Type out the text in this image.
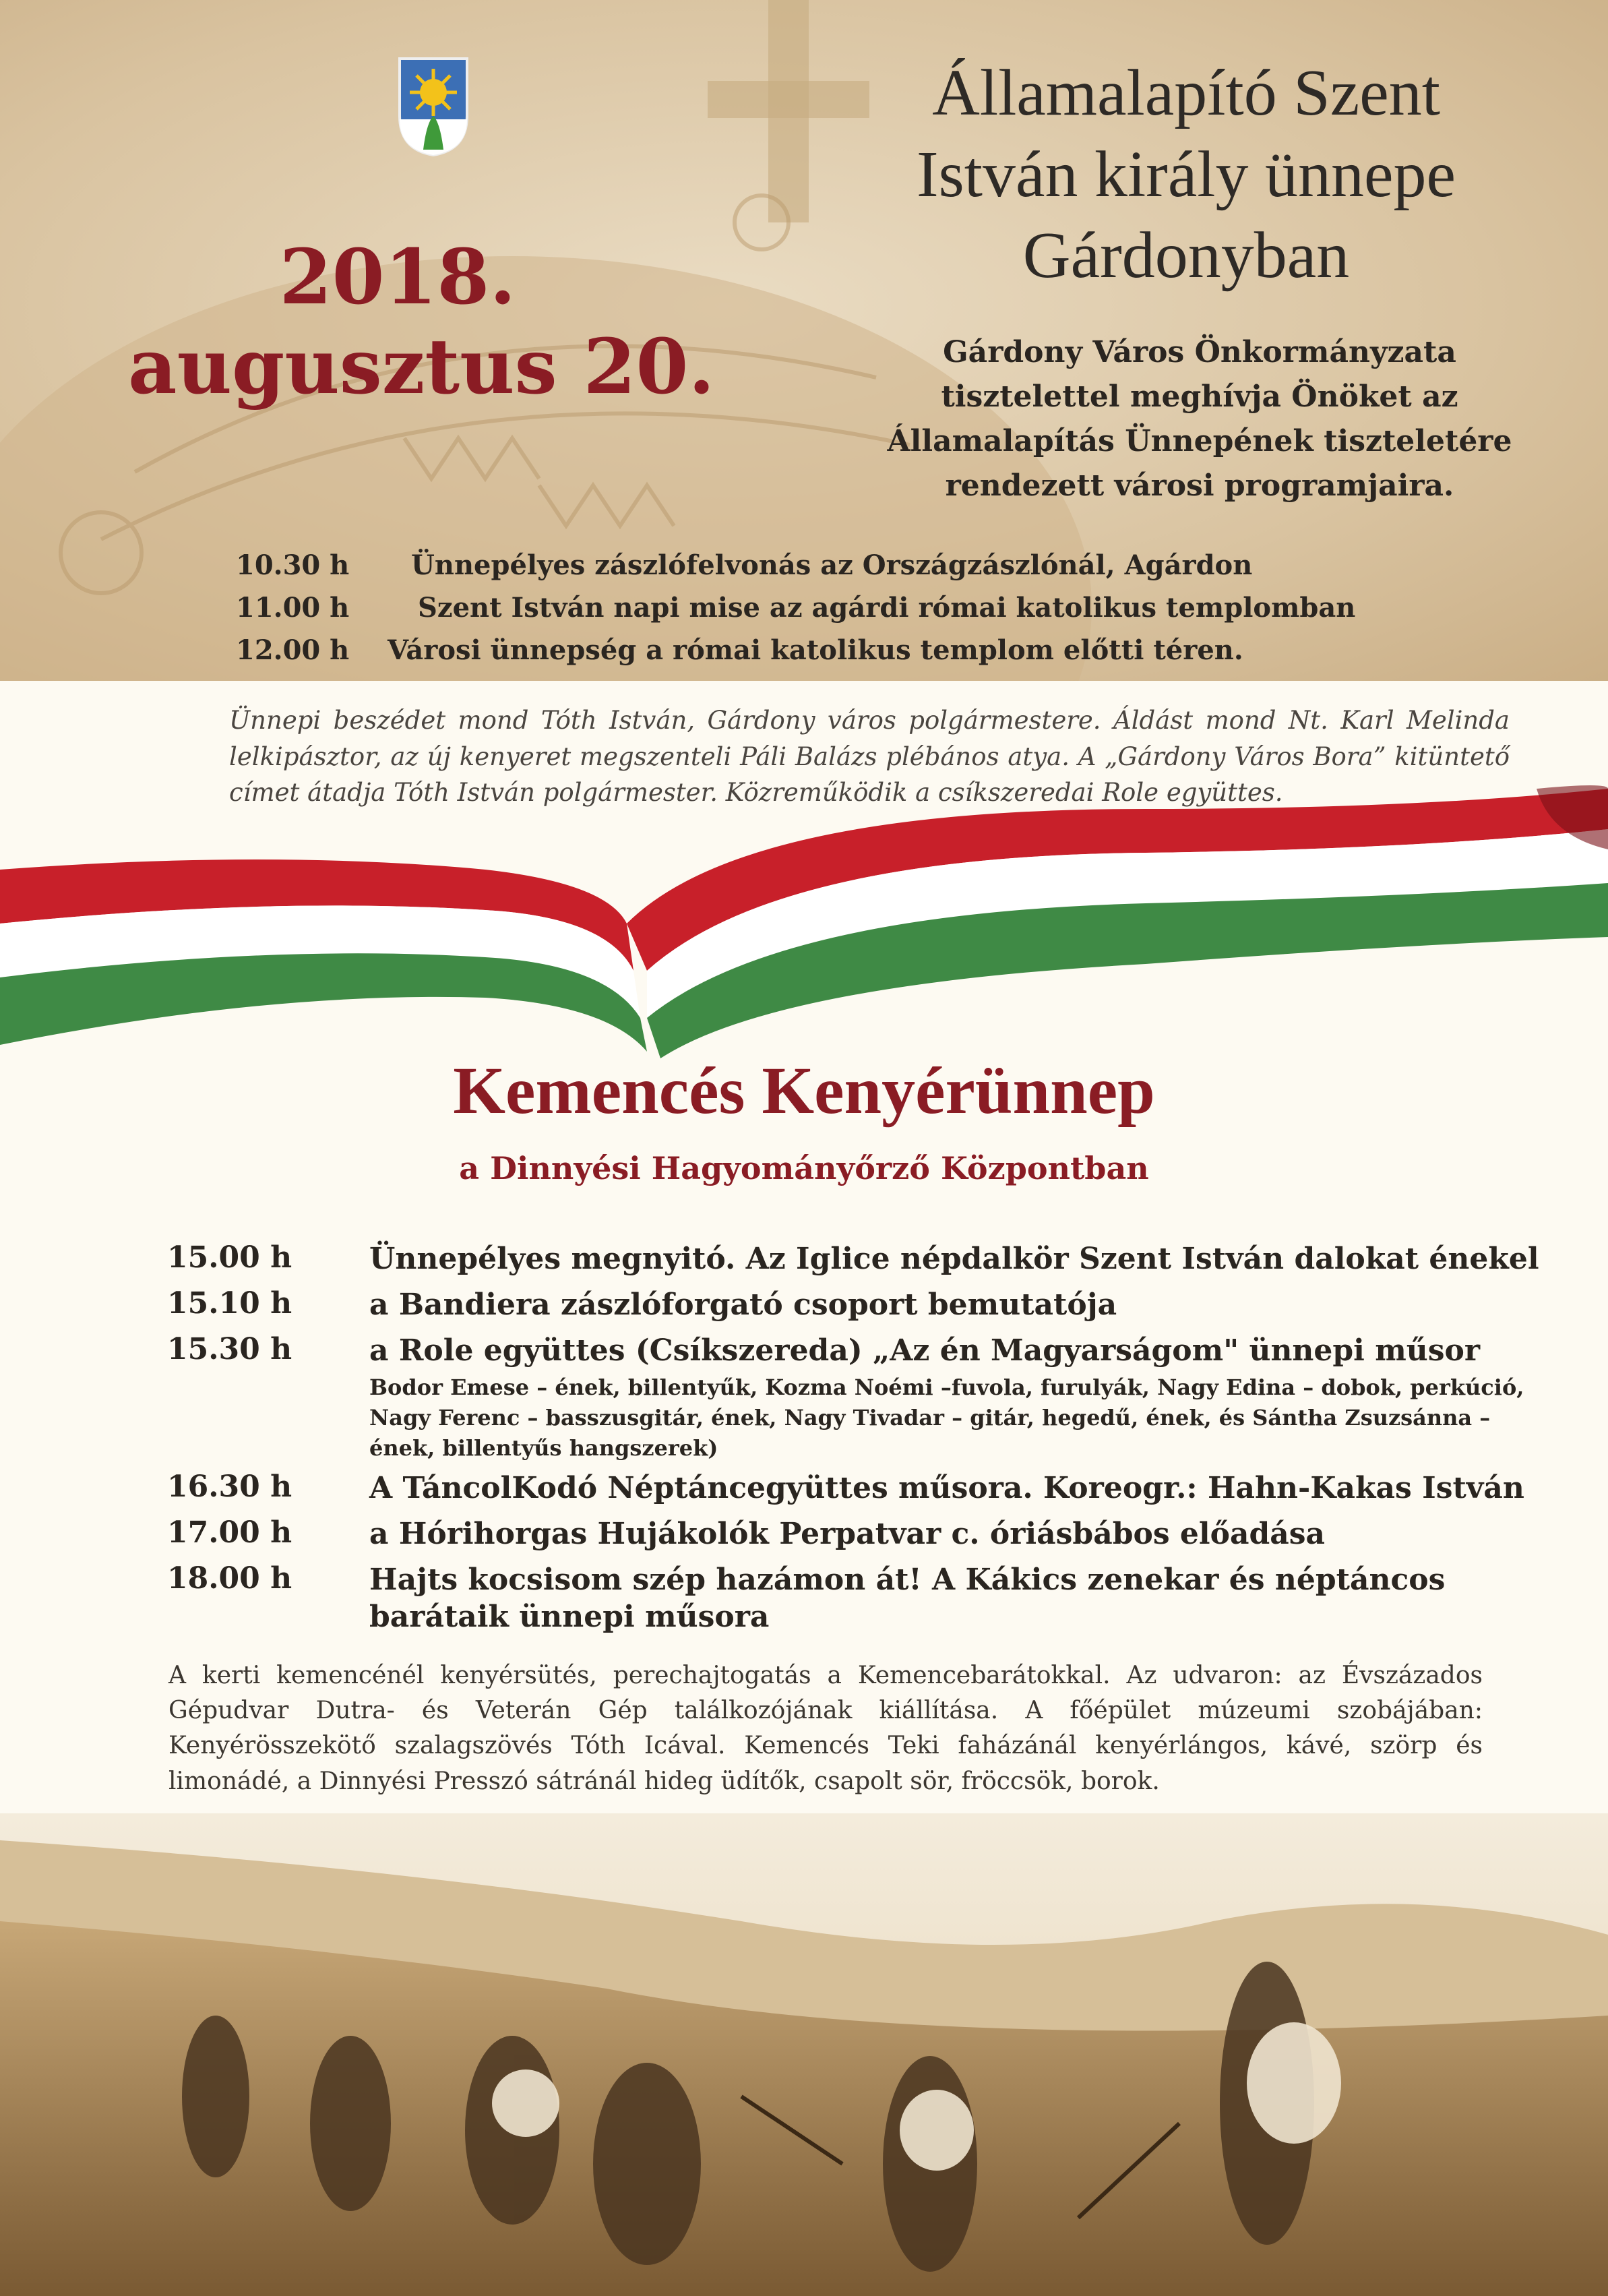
Államalapító Szent
István király ünnepe
Gárdonyban
2018.
augusztus 20.	Gárdony Város Önkormányzata
tisztelettel meghívja Önöket az
Államalapítás Ünnepének tiszteletére
rendezett városi programjaira.
10.30 h Ünnepélyes zászlófelvonás az Országzászlónál, Agárdon
11.00 h	Szent István napi mise az agárdi római katolikus templomban
12.00 h Városi ünnepség a római katolikus templom előtti téren.
Ünnepi beszédet mond Tóth István, Gárdony város polgármestere. Áldást mond Nt. Karl Melinda lelkipásztor, az új kenyeret megszenteli Páli Balázs plébános atya. A „Gárdony Város Bora” kitüntető címet átadja Tóth István polgármester. Közreműködik a csíkszeredai Role együttes.
Kemencés Kenyérünnep
a Dinnyési Hagyományőrző Központban
15.00 h	Ünnepélyes megnyitó. Az Iglice népdalkör Szent István dalokat énekel
15.10 h	a Bandiera zászlóforgató csoport bemutatója
15.30 h	a Role együttes (Csíkszereda) „Az én Magyarságom" ünnepi műsor
Bodor Emese – ének, billentyűk, Kozma Noémi –fuvola, furulyák, Nagy Edina – dobok, perkúció, Nagy Ferenc – basszusgitár, ének, Nagy Tivadar – gitár, hegedű, ének, és Sántha Zsuzsánna – ének, billentyűs hangszerek)
16.30 h	A TáncolKodó Néptáncegyüttes műsora. Koreogr.: Hahn-Kakas István
17.00 h	a Hórihorgas Hujákolók Perpatvar c. óriásbábos előadása
18.00 h	Hajts kocsisom szép hazámon át! A Kákics zenekar és néptáncos barátaik ünnepi műsora
A kerti kemencénél kenyérsütés, perechajtogatás a Kemencebarátokkal. Az udvaron: az Évszázados Gépudvar Dutra- és Veterán Gép találkozójának kiállítása. A főépület múzeumi szobájában: Kenyérösszekötő szalagszövés Tóth Icával. Kemencés Teki faházánál kenyérlángos, kávé, szörp és limonádé, a Dinnyési Presszó sátránál hideg üdítők, csapolt sör, fröccsök, borok.
